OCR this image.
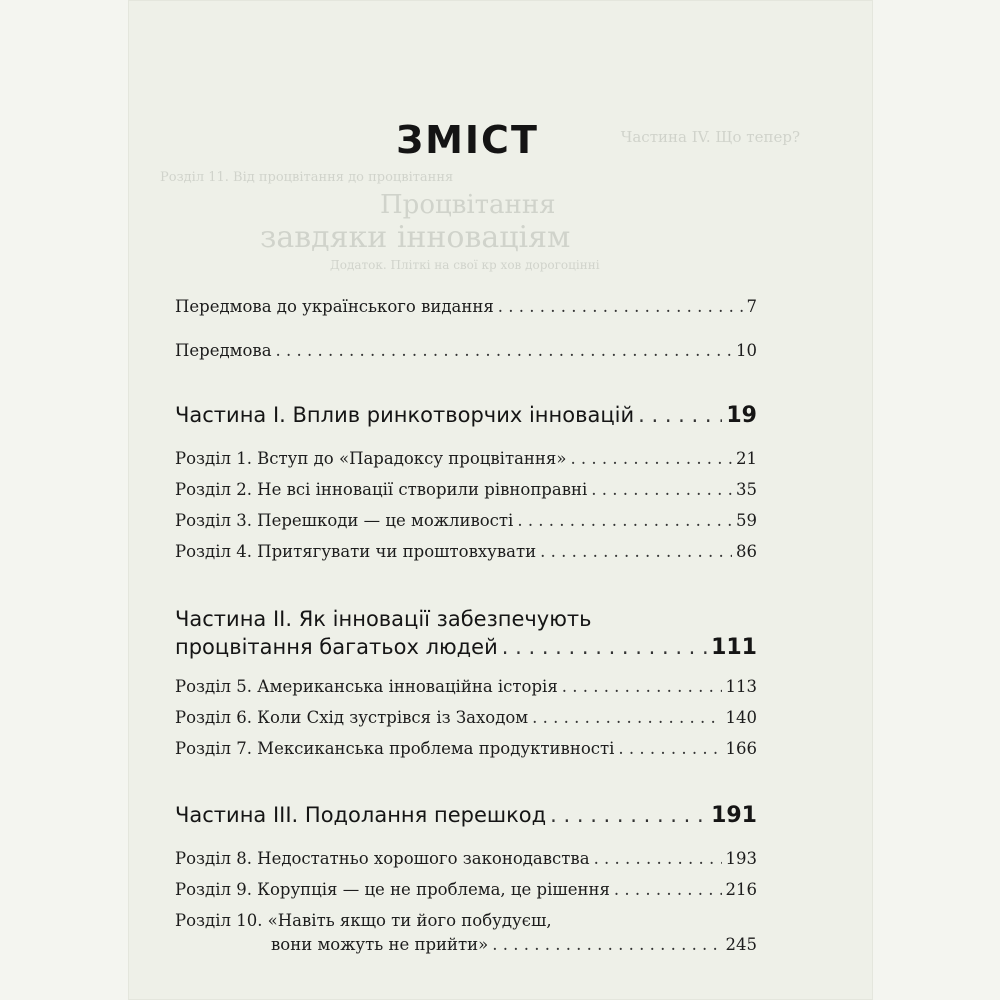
Частина IV. Що тепер?
Розділ 11. Від процвітання до процвітання
Процвітання
завдяки інноваціям
Додаток. Пліткі на свої кр хов дорогоцінні
ЗМІСТ
Передмова до українського видання . . .	7
Передмова . . .	10
Частина I. Вплив ринкотворчих інновацій . . .	19
Розділ 1. Вступ до «Парадоксу процвітання» . . .	21
Розділ 2. Не всі інновації створили рівноправні . . .	35
Розділ 3. Перешкоди — це можливості . . .	59
Розділ 4. Притягувати чи проштовхувати . . .	86
Частина II. Як інновації забезпечують
процвітання багатьох людей . . .	111
Розділ 5. Американська інноваційна історія . . .	113
Розділ 6. Коли Схід зустрівся із Заходом . . .	140
Розділ 7. Мексиканська проблема продуктивності . . .	166
Частина III. Подолання перешкод . . .	191
Розділ 8. Недостатньо хорошого законодавства . . .	193
Розділ 9. Корупція — це не проблема, це рішення . . .	216
Розділ 10. «Навіть якщо ти його побудуєш,
вони можуть не прийти» . . .	245
